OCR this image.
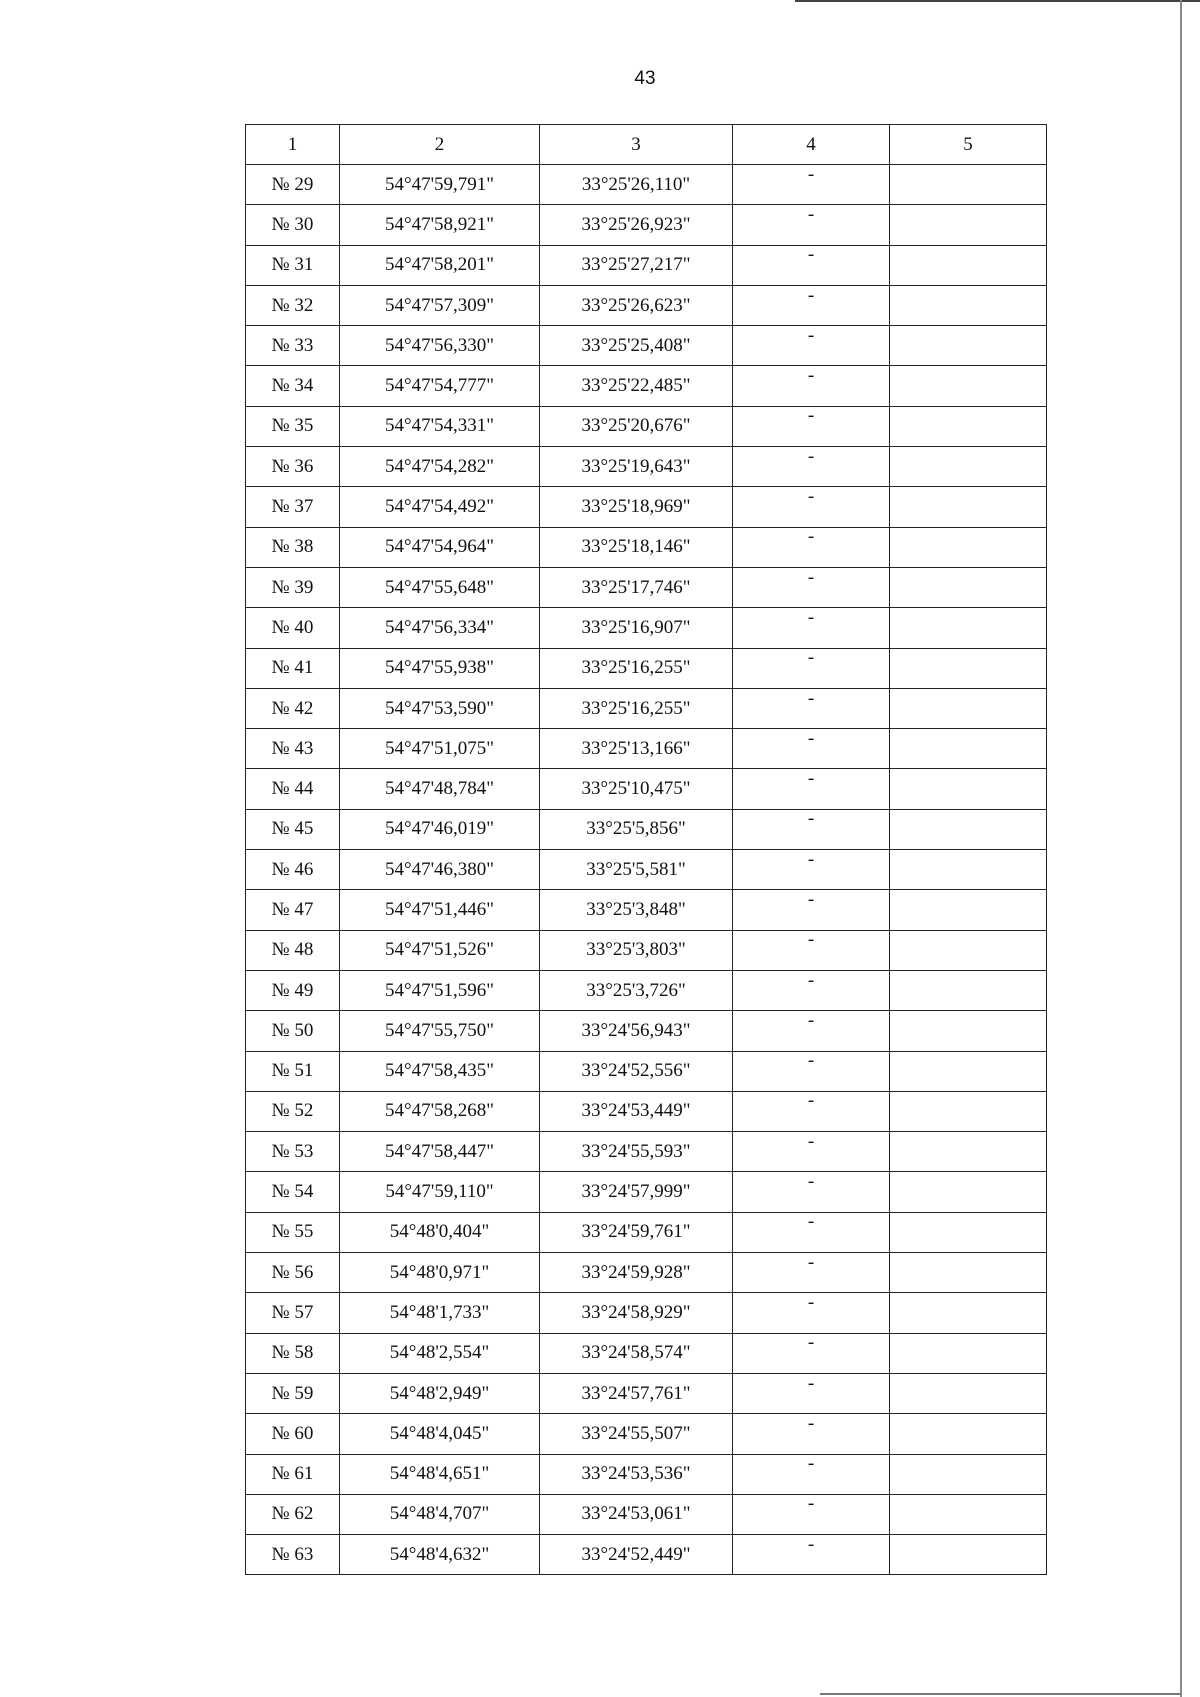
43
1	2	3	4	5
№ 29	54°47'59,791"	33°25'26,110"	-	
№ 30	54°47'58,921"	33°25'26,923"	-	
№ 31	54°47'58,201"	33°25'27,217"	-	
№ 32	54°47'57,309"	33°25'26,623"	-	
№ 33	54°47'56,330"	33°25'25,408"	-	
№ 34	54°47'54,777"	33°25'22,485"	-	
№ 35	54°47'54,331"	33°25'20,676"	-	
№ 36	54°47'54,282"	33°25'19,643"	-	
№ 37	54°47'54,492"	33°25'18,969"	-	
№ 38	54°47'54,964"	33°25'18,146"	-	
№ 39	54°47'55,648"	33°25'17,746"	-	
№ 40	54°47'56,334"	33°25'16,907"	-	
№ 41	54°47'55,938"	33°25'16,255"	-	
№ 42	54°47'53,590"	33°25'16,255"	-	
№ 43	54°47'51,075"	33°25'13,166"	-	
№ 44	54°47'48,784"	33°25'10,475"	-	
№ 45	54°47'46,019"	33°25'5,856"	-	
№ 46	54°47'46,380"	33°25'5,581"	-	
№ 47	54°47'51,446"	33°25'3,848"	-	
№ 48	54°47'51,526"	33°25'3,803"	-	
№ 49	54°47'51,596"	33°25'3,726"	-	
№ 50	54°47'55,750"	33°24'56,943"	-	
№ 51	54°47'58,435"	33°24'52,556"	-	
№ 52	54°47'58,268"	33°24'53,449"	-	
№ 53	54°47'58,447"	33°24'55,593"	-	
№ 54	54°47'59,110"	33°24'57,999"	-	
№ 55	54°48'0,404"	33°24'59,761"	-	
№ 56	54°48'0,971"	33°24'59,928"	-	
№ 57	54°48'1,733"	33°24'58,929"	-	
№ 58	54°48'2,554"	33°24'58,574"	-	
№ 59	54°48'2,949"	33°24'57,761"	-	
№ 60	54°48'4,045"	33°24'55,507"	-	
№ 61	54°48'4,651"	33°24'53,536"	-	
№ 62	54°48'4,707"	33°24'53,061"	-	
№ 63	54°48'4,632"	33°24'52,449"	-	
